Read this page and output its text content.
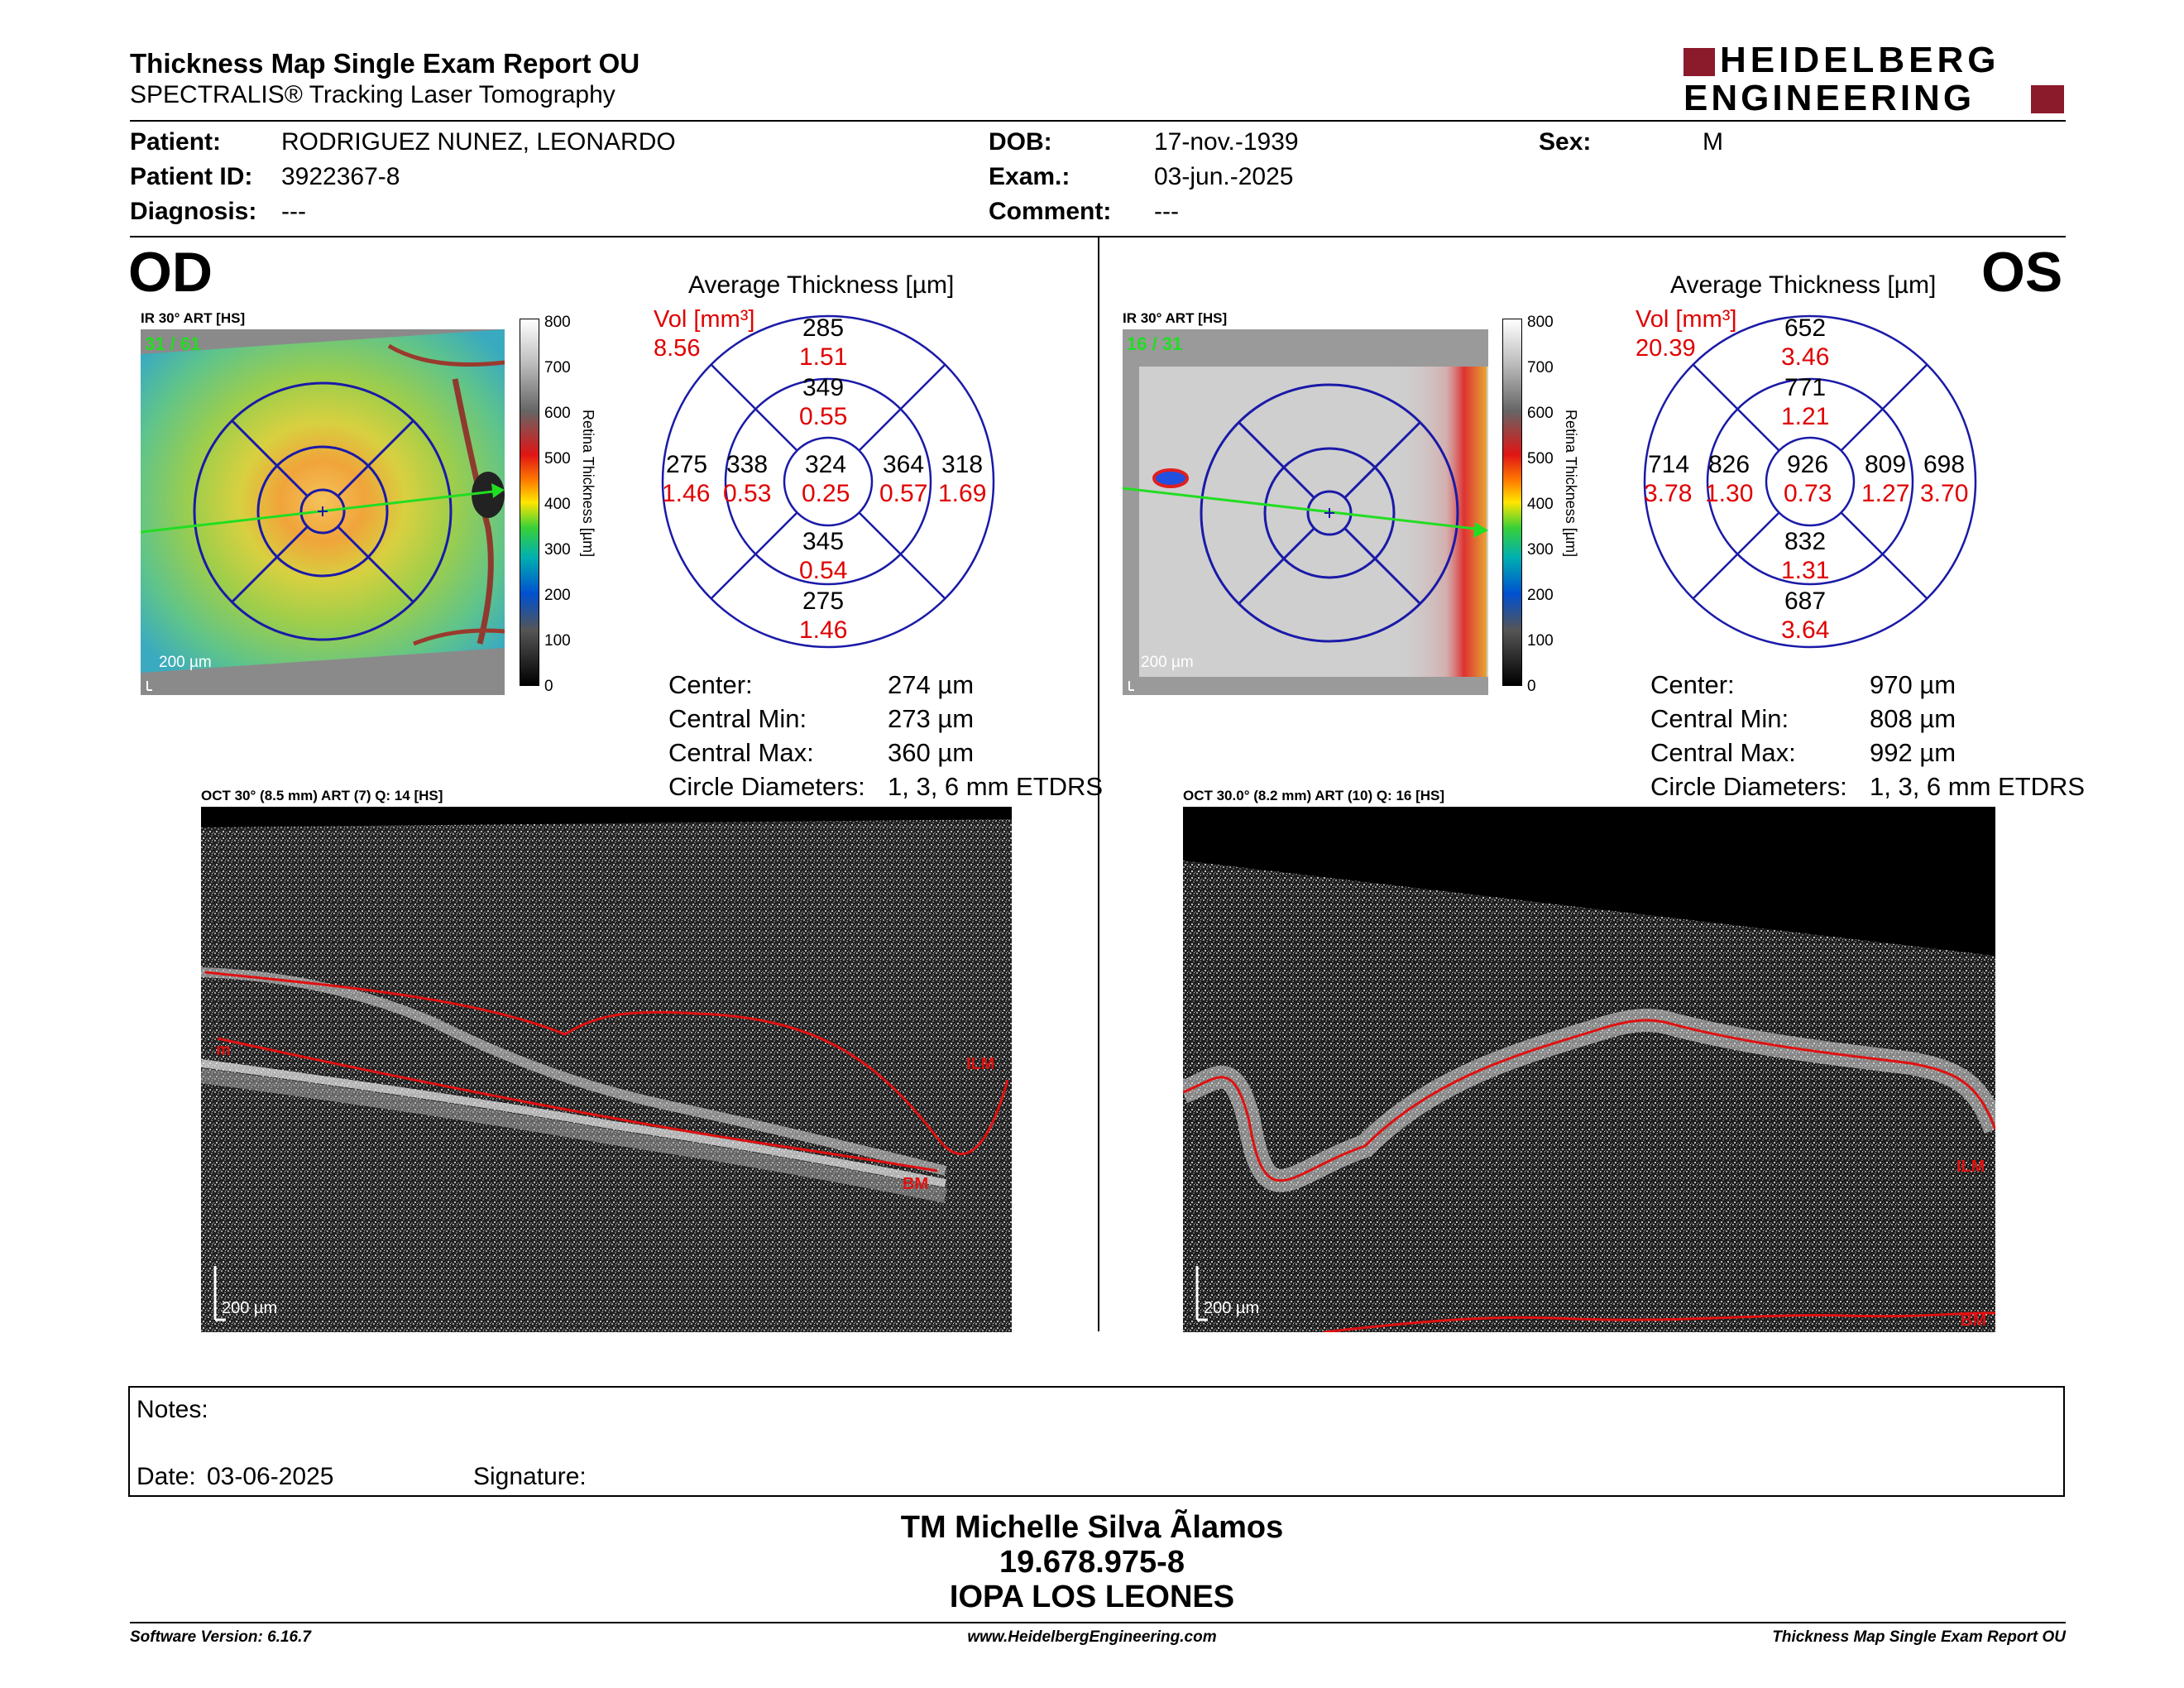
Thickness Map Single Exam Report OU
SPECTRALIS® Tracking Laser Tomography
HEIDELBERG
ENGINEERING
Patient: RODRIGUEZ NUNEZ, LEONARDO
Patient ID: 3922367-8
Diagnosis: ---
DOB:	17-nov.-1939
Exam.:	03-jun.-2025
Comment: ---
Sex:	M
OD
IR 30° ART [HS]
31 / 61
200 µm
800
700
600
500
400
300
200
100
0
Retina Thickness [µm]
Average Thickness [µm]
Vol [mm³]
8.56
285
1.51
349
0.55
275
1.46
338
0.53
324
0.25
364
0.57
318
1.69
345
0.54
275
1.46
Center:	274 µm
Central Min:	273 µm
Central Max:	360 µm
Circle Diameters: 1, 3, 6 mm ETDRS
OCT 30° (8.5 mm) ART (7) Q: 14 [HS]
m
ILM
BM
200 µm
OS
IR 30° ART [HS]
16 / 31
200 µm
800
700
600
500
400
300
200
100
0
Retina Thickness [µm]
Average Thickness [µm]
Vol [mm³]
20.39
652
3.46
771
1.21
714
3.78
826
1.30
926
0.73
809
1.27
698
3.70
832
1.31
687
3.64
Center:	970 µm
Central Min:	808 µm
Central Max:	992 µm
Circle Diameters: 1, 3, 6 mm ETDRS
OCT 30.0° (8.2 mm) ART (10) Q: 16 [HS]
ILM
BM
200 µm
Notes:
Date: 03-06-2025	Signature:
TM Michelle Silva Ãlamos
19.678.975-8
IOPA LOS LEONES
Software Version: 6.16.7	www.HeidelbergEngineering.com	Thickness Map Single Exam Report OU
